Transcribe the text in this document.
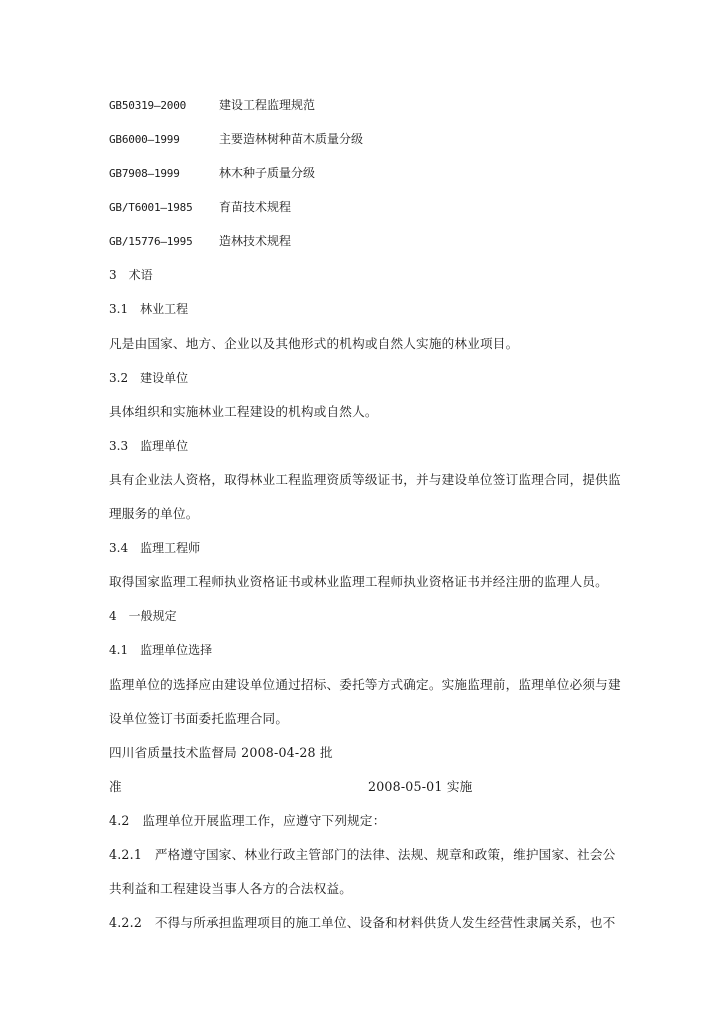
GB50319—2000	建设工程监理规范
GB6000—1999	主要造林树种苗木质量分级
GB7908—1999	林木种子质量分级
GB/T6001—1985 育苗技术规程
GB/15776—1995 造林技术规程
3　术语
3.1　林业工程
凡是由国家、地方、企业以及其他形式的机构或自然人实施的林业项目。
3.2　建设单位
具体组织和实施林业工程建设的机构或自然人。
3.3　监理单位
具有企业法人资格，取得林业工程监理资质等级证书，并与建设单位签订监理合同，提供监
理服务的单位。
3.4　监理工程师
取得国家监理工程师执业资格证书或林业监理工程师执业资格证书并经注册的监理人员。
4　一般规定
4.1　监理单位选择
监理单位的选择应由建设单位通过招标、委托等方式确定。实施监理前，监理单位必须与建
设单位签订书面委托监理合同。
四川省质量技术监督局 2008-04-28 批
准	2008-05-01 实施
4.2　监理单位开展监理工作，应遵守下列规定：
4.2.1　严格遵守国家、林业行政主管部门的法律、法规、规章和政策，维护国家、社会公
共利益和工程建设当事人各方的合法权益。
4.2.2　不得与所承担监理项目的施工单位、设备和材料供货人发生经营性隶属关系，也不
